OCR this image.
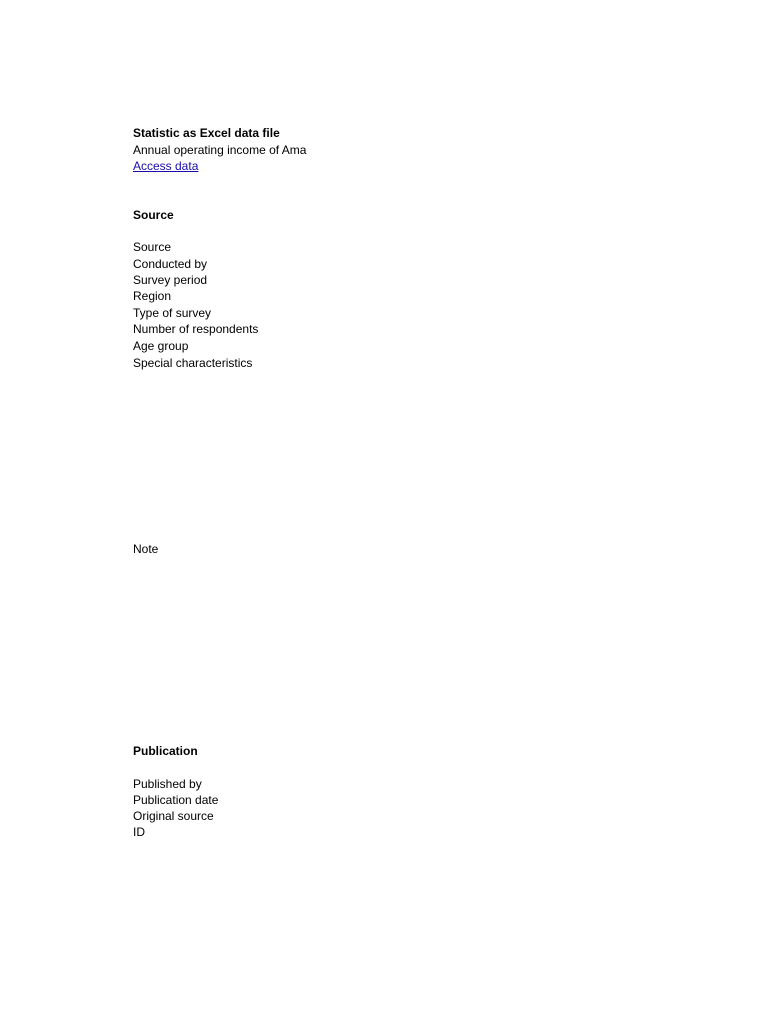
Statistic as Excel data file
Annual operating income of Ama
Access data
Source
Source
Conducted by
Survey period
Region
Type of survey
Number of respondents
Age group
Special characteristics
Note
Publication
Published by
Publication date
Original source
ID
